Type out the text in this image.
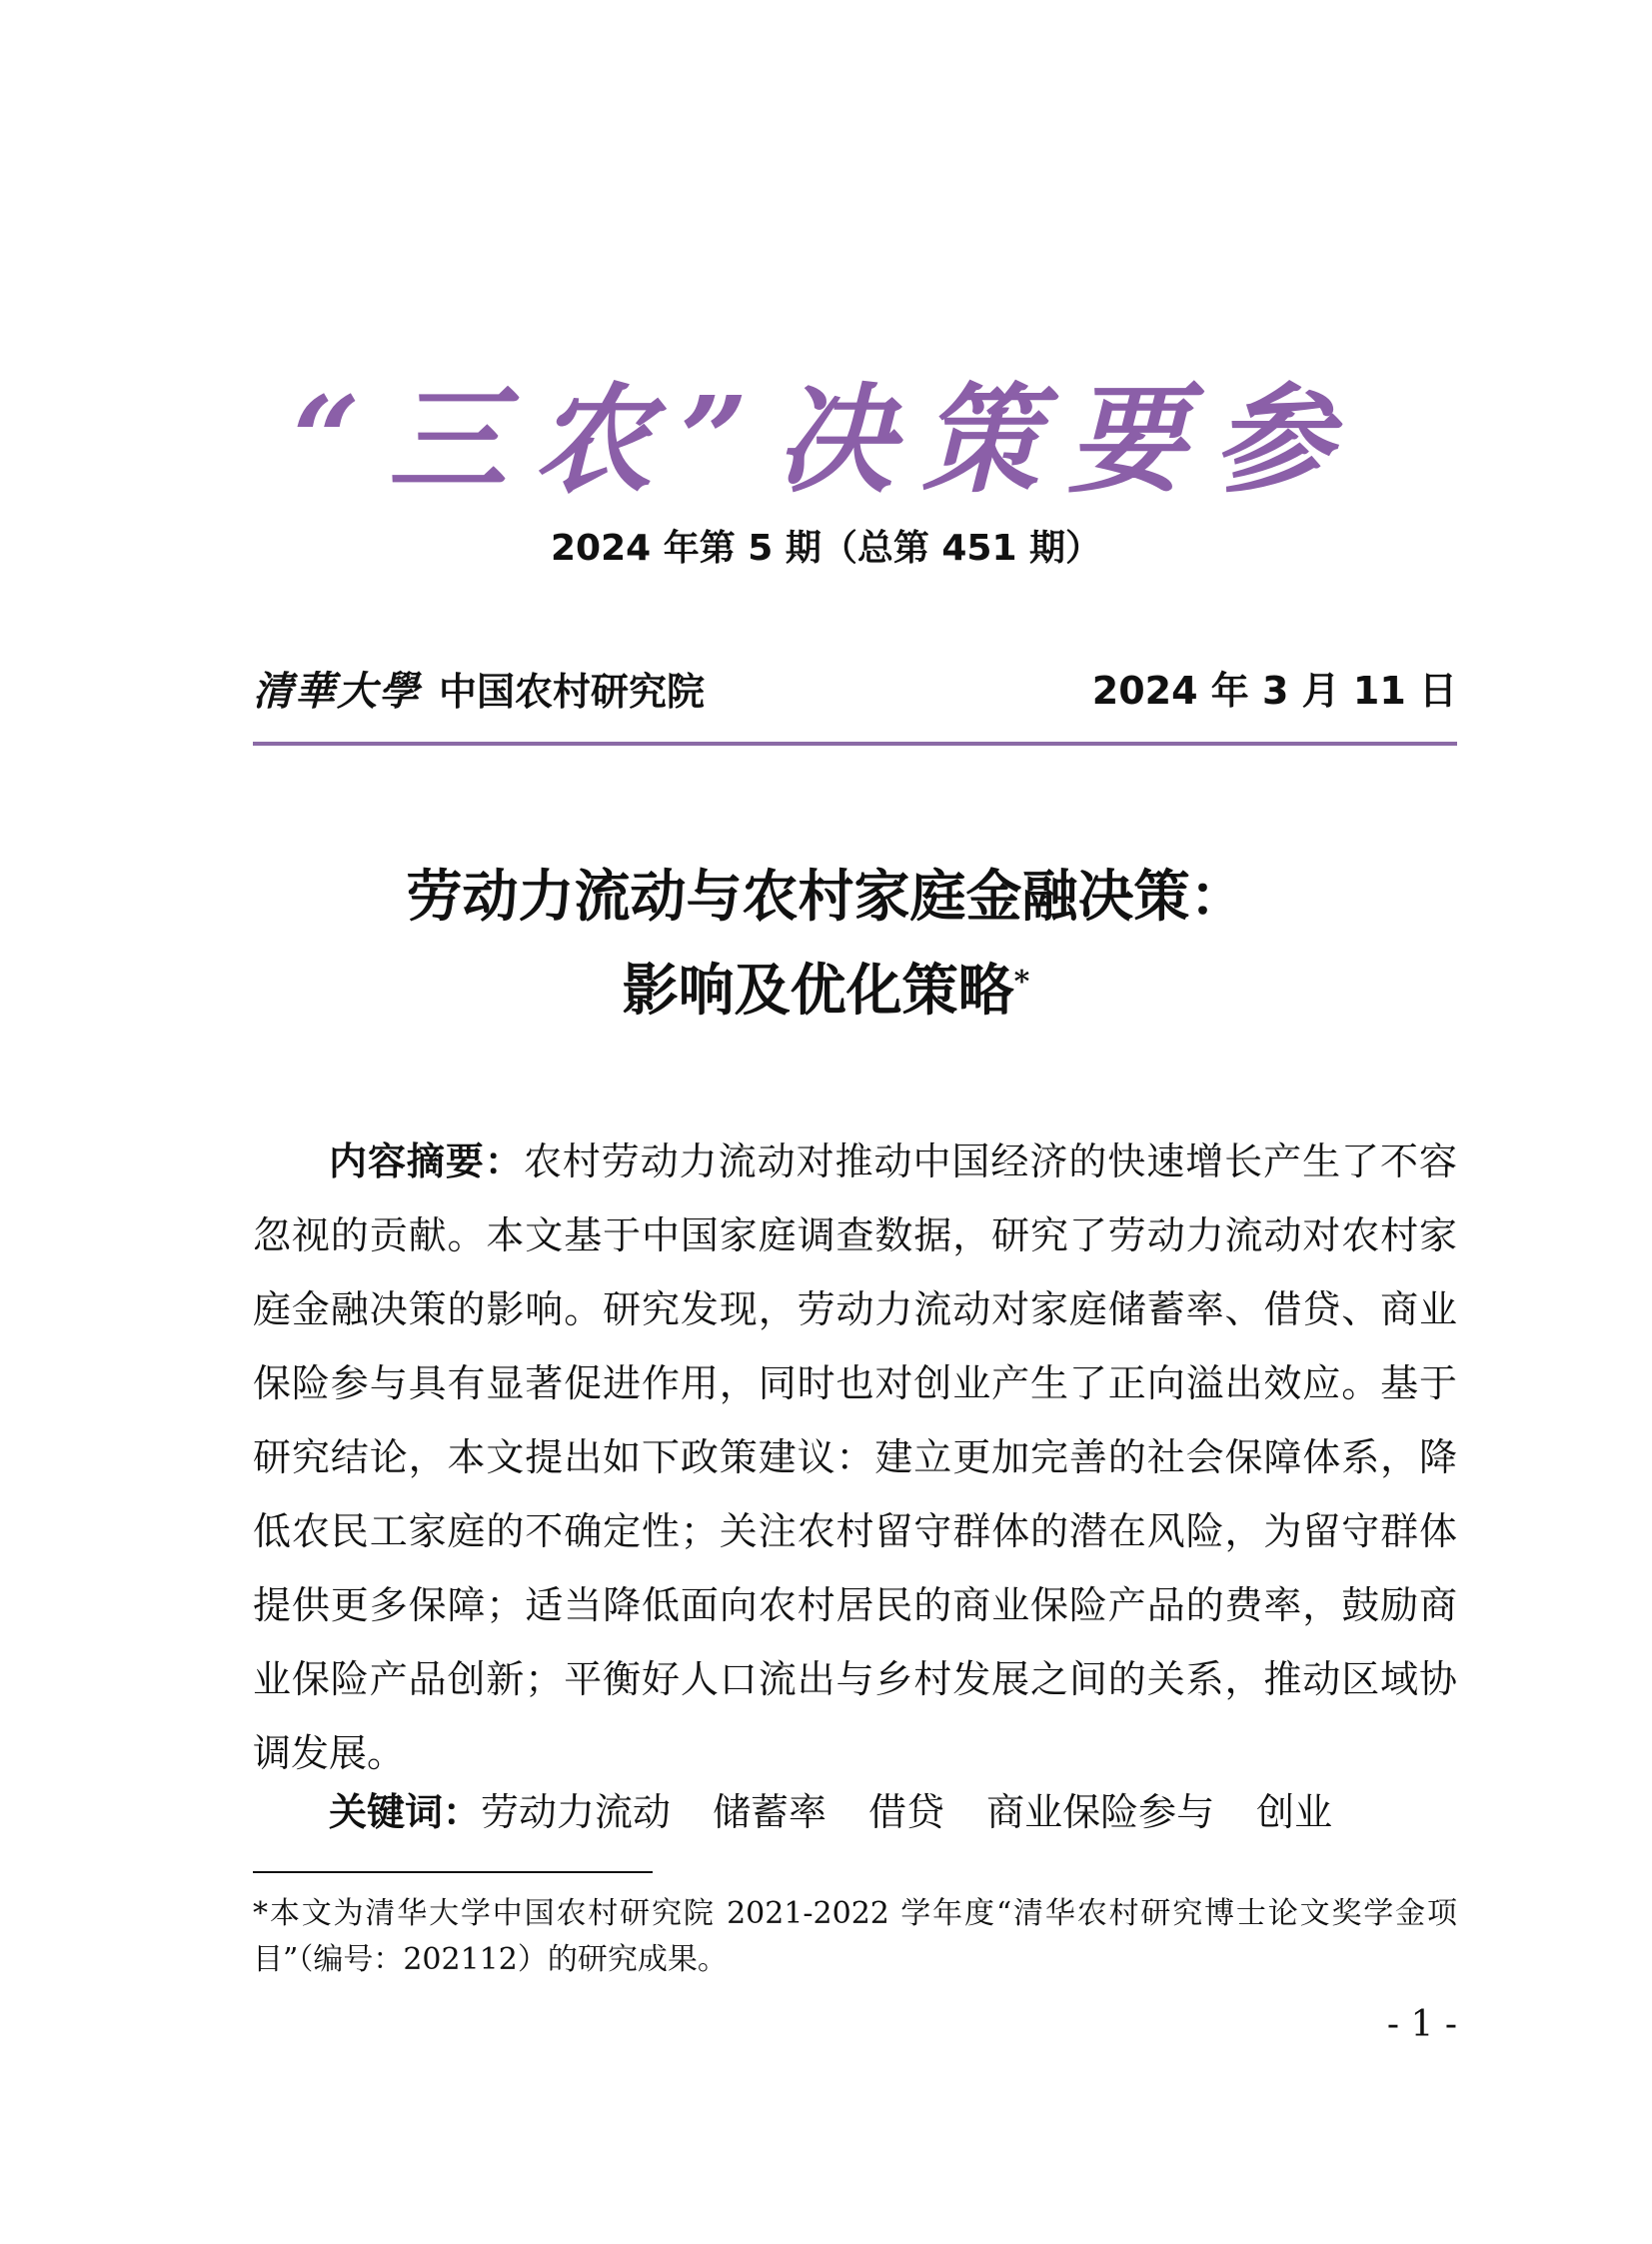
“三农”决策要参
2024 年第 5 期（总第 451 期）
清華大學 中国农村研究院	2024 年 3 月 11 日
劳动力流动与农村家庭金融决策：
影响及优化策略*
内容摘要：农村劳动力流动对推动中国经济的快速增长产生了不容忽视的贡献。本文基于中国家庭调查数据，研究了劳动力流动对农村家庭金融决策的影响。研究发现，劳动力流动对家庭储蓄率、借贷、商业保险参与具有显著促进作用，同时也对创业产生了正向溢出效应。基于研究结论，本文提出如下政策建议：建立更加完善的社会保障体系，降低农民工家庭的不确定性；关注农村留守群体的潜在风险，为留守群体提供更多保障；适当降低面向农村居民的商业保险产品的费率，鼓励商业保险产品创新；平衡好人口流出与乡村发展之间的关系，推动区域协调发展。
关键词：劳动力流动 储蓄率 借贷 商业保险参与 创业
*本文为清华大学中国农村研究院 2021-2022 学年度“清华农村研究博士论文奖学金项目”（编号：202112）的研究成果。
- 1 -
